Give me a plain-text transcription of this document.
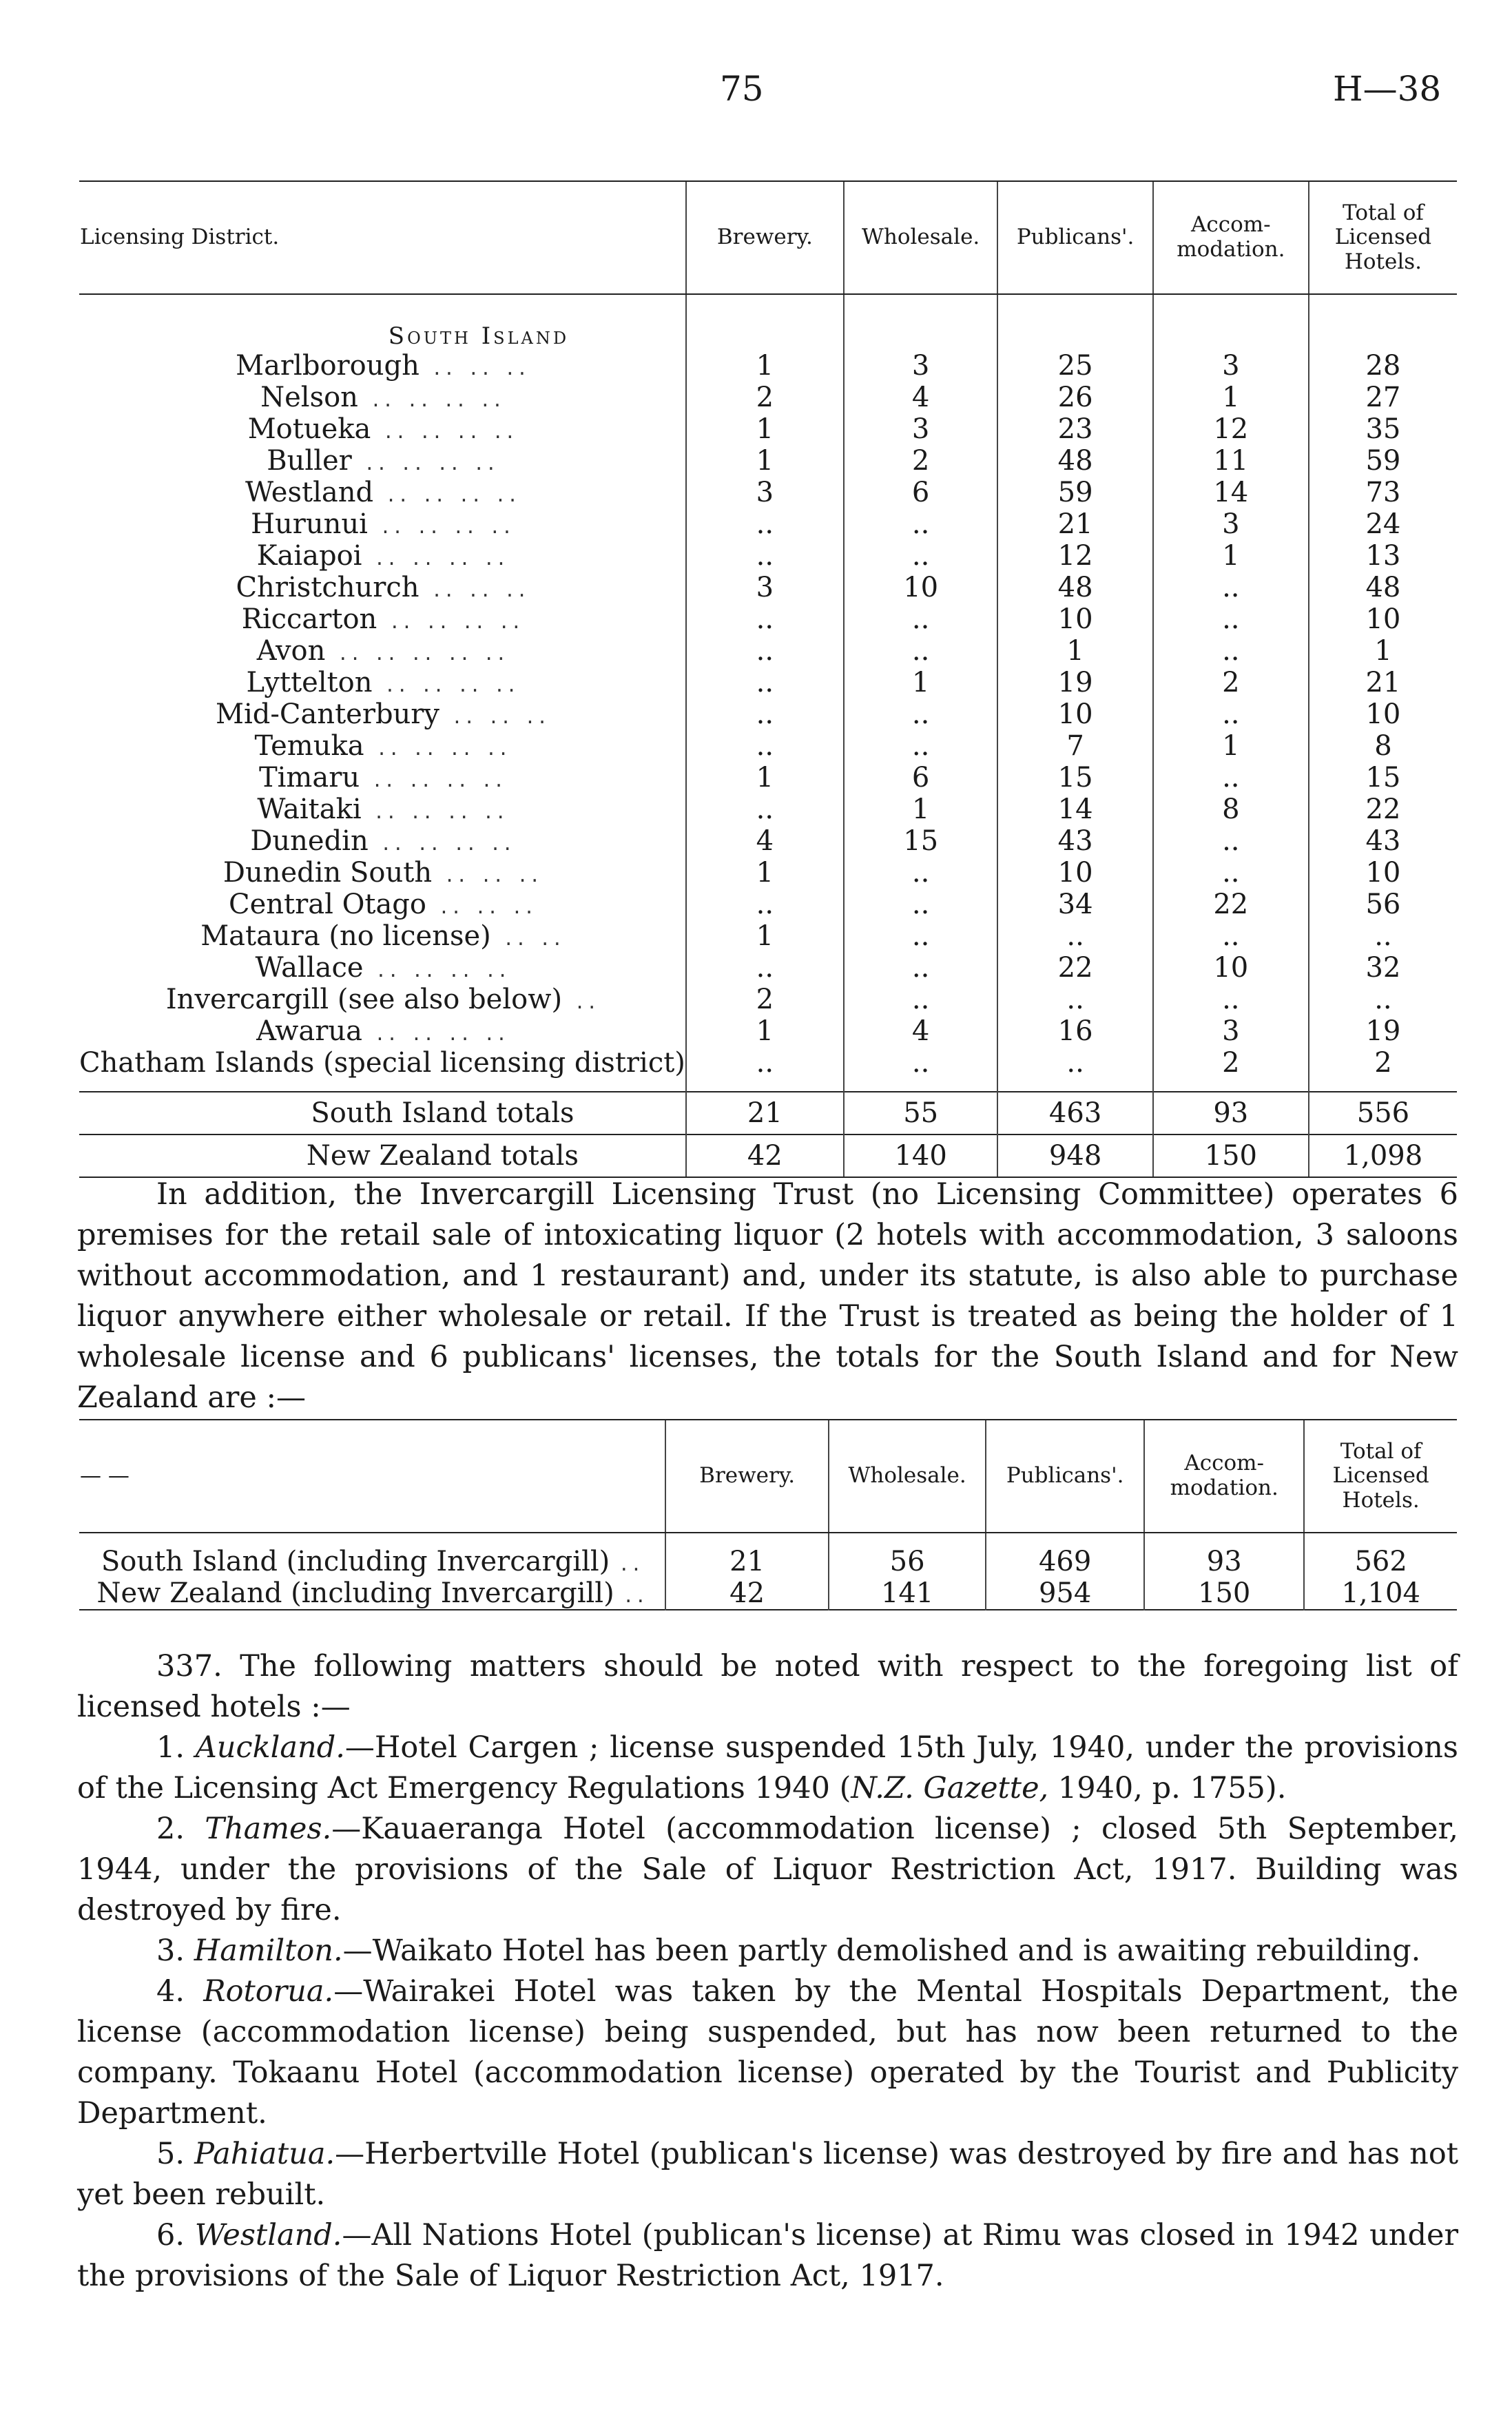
75	H—38
Licensing District.	Brewery.	Wholesale.	Publicans'.	Accom- modation.	Total of Licensed Hotels.
South Island					
Marlborough .. .. ..	1	3	25	3	28
Nelson .. .. .. ..	2	4	26	1	27
Motueka .. .. .. ..	1	3	23	12	35
Buller .. .. .. ..	1	2	48	11	59
Westland .. .. .. ..	3	6	59	14	73
Hurunui .. .. .. ..	..	..	21	3	24
Kaiapoi .. .. .. ..	..	..	12	1	13
Christchurch .. .. ..	3	10	48	..	48
Riccarton .. .. .. ..	..	..	10	..	10
Avon .. .. .. .. ..	..	..	1	..	1
Lyttelton .. .. .. ..	..	1	19	2	21
Mid-Canterbury .. .. ..	..	..	10	..	10
Temuka .. .. .. ..	..	..	7	1	8
Timaru .. .. .. ..	1	6	15	..	15
Waitaki .. .. .. ..	..	1	14	8	22
Dunedin .. .. .. ..	4	15	43	..	43
Dunedin South .. .. ..	1	..	10	..	10
Central Otago .. .. ..	..	..	34	22	56
Mataura (no license) .. ..	1	..	..	..	..
Wallace .. .. .. ..	..	..	22	10	32
Invercargill (see also below) ..	2	..	..	..	..
Awarua .. .. .. ..	1	4	16	3	19
Chatham Islands (special licensing district)	..	..	..	2	2

South Island totals	21	55	463	93	556
New Zealand totals	42	140	948	150	1,098

In addition, the Invercargill Licensing Trust (no Licensing Committee) operates 6 premises for the retail sale of intoxicating liquor (2 hotels with accommodation, 3 saloons without accommodation, and 1 restaurant) and, under its statute, is also able to purchase liquor anywhere either wholesale or retail. If the Trust is treated as being the holder of 1 wholesale license and 6 publicans' licenses, the totals for the South Island and for New Zealand are :—

— —	Brewery.	Wholesale.	Publicans'.	Accom- modation.	Total of Licensed Hotels.

South Island (including Invercargill) ..	21	56	469	93	562
New Zealand (including Invercargill) ..	42	141	954	150	1,104

337. The following matters should be noted with respect to the foregoing list of licensed hotels :—

1. Auckland.—Hotel Cargen ; license suspended 15th July, 1940, under the provisions of the Licensing Act Emergency Regulations 1940 (N.Z. Gazette, 1940, p. 1755).

2. Thames.—Kauaeranga Hotel (accommodation license) ; closed 5th September, 1944, under the provisions of the Sale of Liquor Restriction Act, 1917. Building was destroyed by fire.

3. Hamilton.—Waikato Hotel has been partly demolished and is awaiting rebuilding.

4. Rotorua.—Wairakei Hotel was taken by the Mental Hospitals Department, the license (accommodation license) being suspended, but has now been returned to the company. Tokaanu Hotel (accommodation license) operated by the Tourist and Publicity Department.

5. Pahiatua.—Herbertville Hotel (publican's license) was destroyed by fire and has not yet been rebuilt.

6. Westland.—All Nations Hotel (publican's license) at Rimu was closed in 1942 under the provisions of the Sale of Liquor Restriction Act, 1917.
